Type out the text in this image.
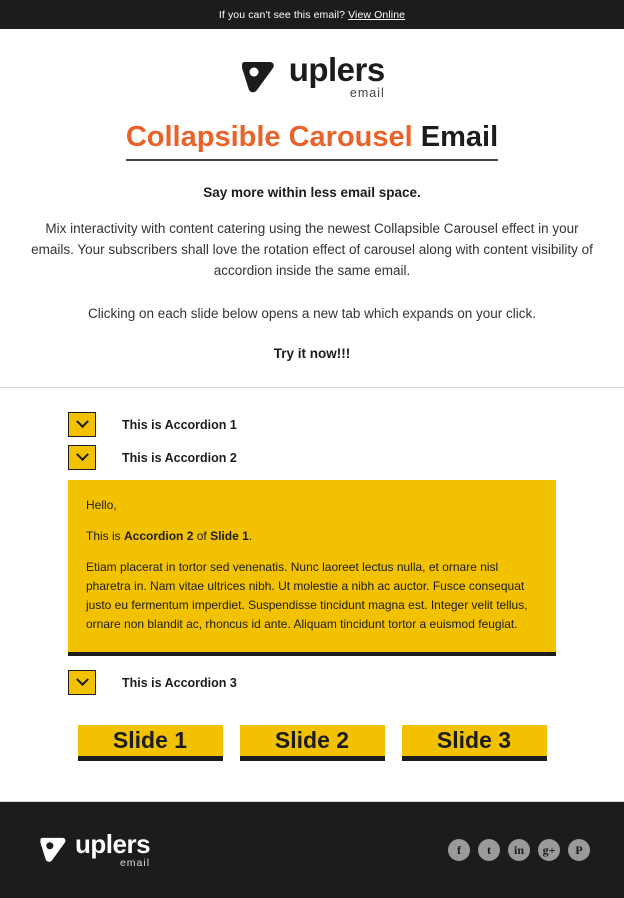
If you can't see this email? View Online

uplers
email
Collapsible Carousel Email
Say more within less email space.
Mix interactivity with content catering using the newest Collapsible Carousel effect in your emails. Your subscribers shall love the rotation effect of carousel along with content visibility of accordion inside the same email.
Clicking on each slide below opens a new tab which expands on your click.
Try it now!!!
This is Accordion 1
This is Accordion 2

Hello,

This is Accordion 2 of Slide 1.

Etiam placerat in tortor sed venenatis. Nunc laoreet lectus nulla, et ornare nisl pharetra in. Nam vitae ultrices nibh. Ut molestie a nibh ac auctor. Fusce consequat justo eu fermentum imperdiet. Suspendisse tincidunt magna est. Integer velit tellus, ornare non blandit ac, rhoncus id ante. Aliquam tincidunt tortor a euismod feugiat.

This is Accordion 3
Slide 1	Slide 2	Slide 3
uplers
email
f	t	in	g+	P
